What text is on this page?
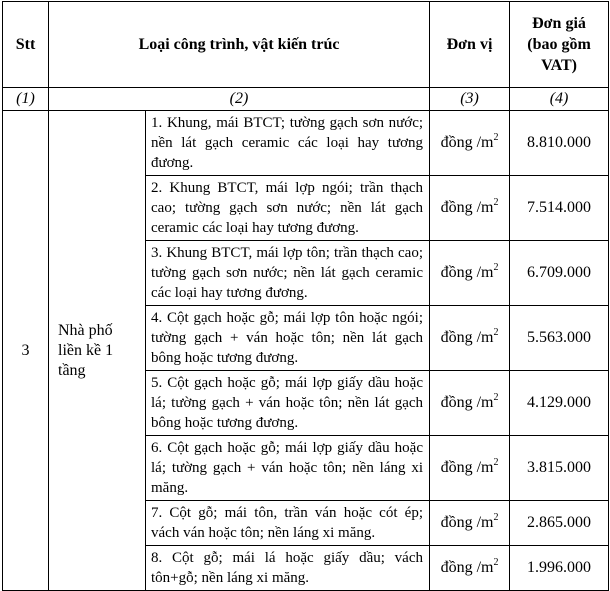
Stt	Loại công trình, vật kiến trúc		Đơn vị	Đơn giá (bao gồm VAT)
(1)	(2)		(3)	(4)
3	Nhà phố liền kề 1 tầng	1. Khung, mái BTCT; tường gạch sơn nước; nền lát gạch ceramic các loại hay tương đương.	đồng $/m^2$	8.810.000
		2. Khung BTCT, mái lợp ngói; trần thạch cao; tường gạch sơn nước; nền lát gạch ceramic các loại hay tương đương.	đồng $/m^2$	7.514.000
		3. Khung BTCT, mái lợp tôn; trần thạch cao; tường gạch sơn nước; nền lát gạch ceramic các loại hay tương đương.	đồng $/m^2$	6.709.000
		4. Cột gạch hoặc gỗ; mái lợp tôn hoặc ngói; tường gạch + ván hoặc tôn; nền lát gạch bông hoặc tương đương.	đồng $/m^2$	5.563.000
		5. Cột gạch hoặc gỗ; mái lợp giấy dầu hoặc lá; tường gạch + ván hoặc tôn; nền lát gạch bông hoặc tương đương.	đồng $/m^2$	4.129.000
		6. Cột gạch hoặc gỗ; mái lợp giấy dầu hoặc lá; tường gạch + ván hoặc tôn; nền láng xi măng.	đồng $/m^2$	3.815.000
		7. Cột gỗ; mái tôn, trần ván hoặc cót ép; vách ván hoặc tôn; nền láng xi măng.	đồng $/m^2$	2.865.000
		8. Cột gỗ; mái lá hoặc giấy dầu; vách tôn+gỗ; nền láng xi măng.	đồng $/m^2$	1.996.000
